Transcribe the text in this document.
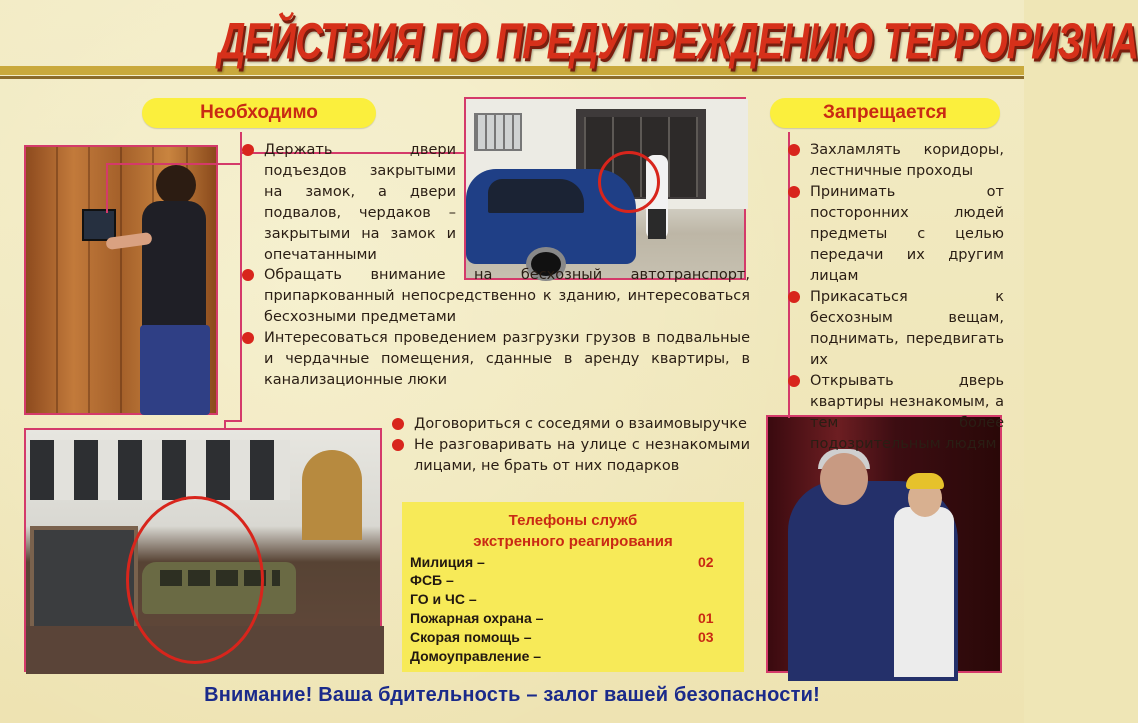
ДЕЙСТВИЯ ПО ПРЕДУПРЕЖДЕНИЮ ТЕРРОРИЗМА
Необходимо	Запрещается
Держать двери подъездов закрытыми на замок, а двери подвалов, чердаков – закрытыми на замок и опечатанными
Обращать внимание на бесхозный автотранспорт, припаркованный непосредственно к зданию, интересоваться бесхозными предметами
Интересоваться проведением разгрузки грузов в подвальные и чердачные помещения, сданные в аренду квартиры, в канализационные люки
Договориться с соседями о взаимовыручке
Не разговаривать на улице с незнакомыми лицами, не брать от них подарков
Захламлять коридоры, лестничные проходы
Принимать от посторонних людей предметы с целью передачи их другим лицам
Прикасаться к бесхозным вещам, поднимать, передвигать их
Открывать дверь квартиры незнакомым, а тем более подозрительным людям
Телефоны служб
экстренного реагирования
Милиция –	02
ФСБ –
ГО и ЧС –
Пожарная охрана –	01
Скорая помощь –	03
Домоуправление –
Внимание! Ваша бдительность – залог вашей безопасности!
